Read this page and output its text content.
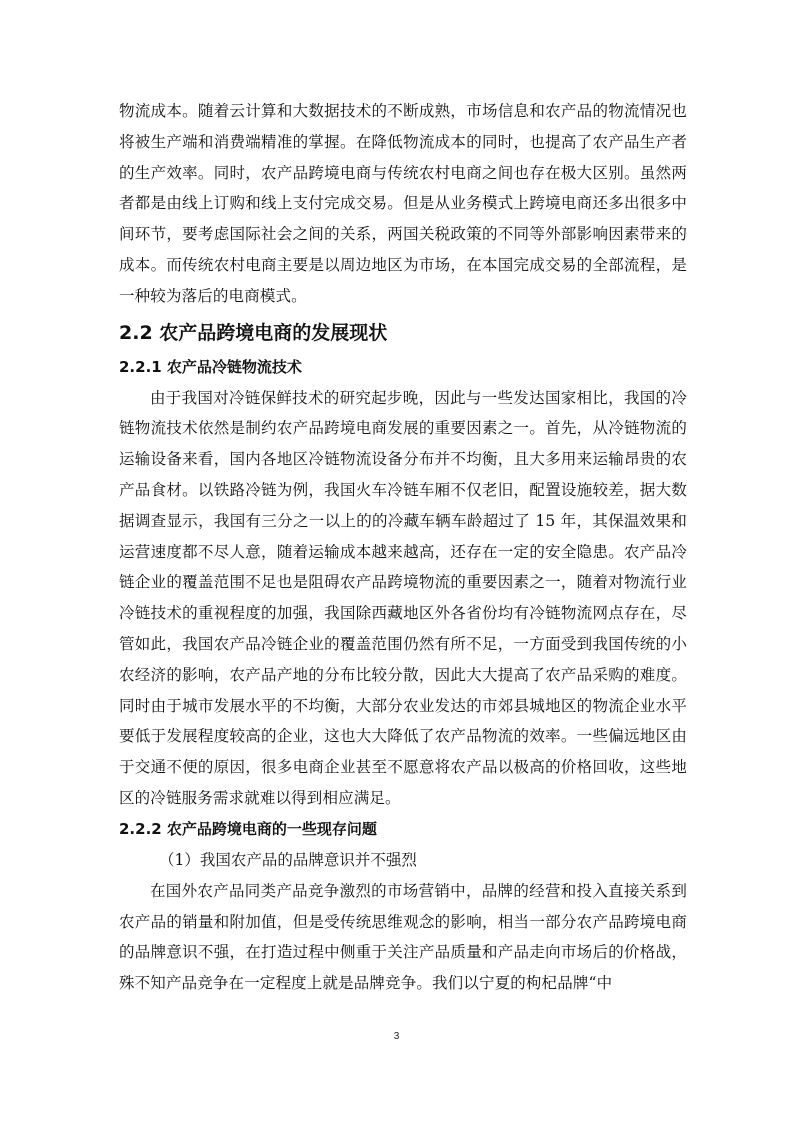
物流成本。随着云计算和大数据技术的不断成熟，市场信息和农产品的物流情况也将被生产端和消费端精准的掌握。在降低物流成本的同时，也提高了农产品生产者的生产效率。同时，农产品跨境电商与传统农村电商之间也存在极大区别。虽然两者都是由线上订购和线上支付完成交易。但是从业务模式上跨境电商还多出很多中间环节，要考虑国际社会之间的关系，两国关税政策的不同等外部影响因素带来的成本。而传统农村电商主要是以周边地区为市场，在本国完成交易的全部流程，是一种较为落后的电商模式。

2.2 农产品跨境电商的发展现状
2.2.1 农产品冷链物流技术

由于我国对冷链保鲜技术的研究起步晚，因此与一些发达国家相比，我国的冷链物流技术依然是制约农产品跨境电商发展的重要因素之一。首先，从冷链物流的运输设备来看，国内各地区冷链物流设备分布并不均衡，且大多用来运输昂贵的农产品食材。以铁路冷链为例，我国火车冷链车厢不仅老旧，配置设施较差，据大数据调查显示，我国有三分之一以上的的冷藏车辆车龄超过了 15 年，其保温效果和运营速度都不尽人意，随着运输成本越来越高，还存在一定的安全隐患。农产品冷链企业的覆盖范围不足也是阻碍农产品跨境物流的重要因素之一，随着对物流行业冷链技术的重视程度的加强，我国除西藏地区外各省份均有冷链物流网点存在，尽管如此，我国农产品冷链企业的覆盖范围仍然有所不足，一方面受到我国传统的小农经济的影响，农产品产地的分布比较分散，因此大大提高了农产品采购的难度。同时由于城市发展水平的不均衡，大部分农业发达的市郊县城地区的物流企业水平要低于发展程度较高的企业，这也大大降低了农产品物流的效率。一些偏远地区由于交通不便的原因，很多电商企业甚至不愿意将农产品以极高的价格回收，这些地区的冷链服务需求就难以得到相应满足。

2.2.2 农产品跨境电商的一些现存问题

（1）我国农产品的品牌意识并不强烈

在国外农产品同类产品竞争激烈的市场营销中，品牌的经营和投入直接关系到农产品的销量和附加值，但是受传统思维观念的影响，相当一部分农产品跨境电商的品牌意识不强，在打造过程中侧重于关注产品质量和产品走向市场后的价格战，殊不知产品竞争在一定程度上就是品牌竞争。我们以宁夏的枸杞品牌“中

3
